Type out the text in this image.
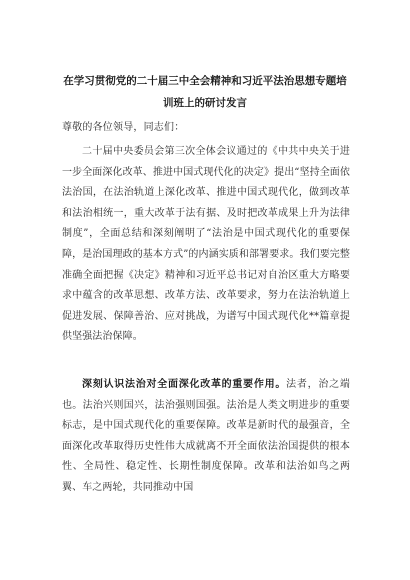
在学习贯彻党的二十届三中全会精神和习近平法治思想专题培训班上的研讨发言

尊敬的各位领导，同志们：

二十届中央委员会第三次全体会议通过的《中共中央关于进一步全面深化改革、推进中国式现代化的决定》提出“坚持全面依法治国，在法治轨道上深化改革、推进中国式现代化，做到改革和法治相统一，重大改革于法有据、及时把改革成果上升为法律制度”，全面总结和深刻阐明了“法治是中国式现代化的重要保障，是治国理政的基本方式”的内涵实质和部署要求。我们要完整准确全面把握《决定》精神和习近平总书记对自治区重大方略要求中蕴含的改革思想、改革方法、改革要求，努力在法治轨道上促进发展、保障善治、应对挑战，为谱写中国式现代化**篇章提供坚强法治保障。

深刻认识法治对全面深化改革的重要作用。法者，治之端也。法治兴则国兴，法治强则国强。法治是人类文明进步的重要标志，是中国式现代化的重要保障。改革是新时代的最强音，全面深化改革取得历史性伟大成就离不开全面依法治国提供的根本性、全局性、稳定性、长期性制度保障。改革和法治如鸟之两翼、车之两轮，共同推动中国
